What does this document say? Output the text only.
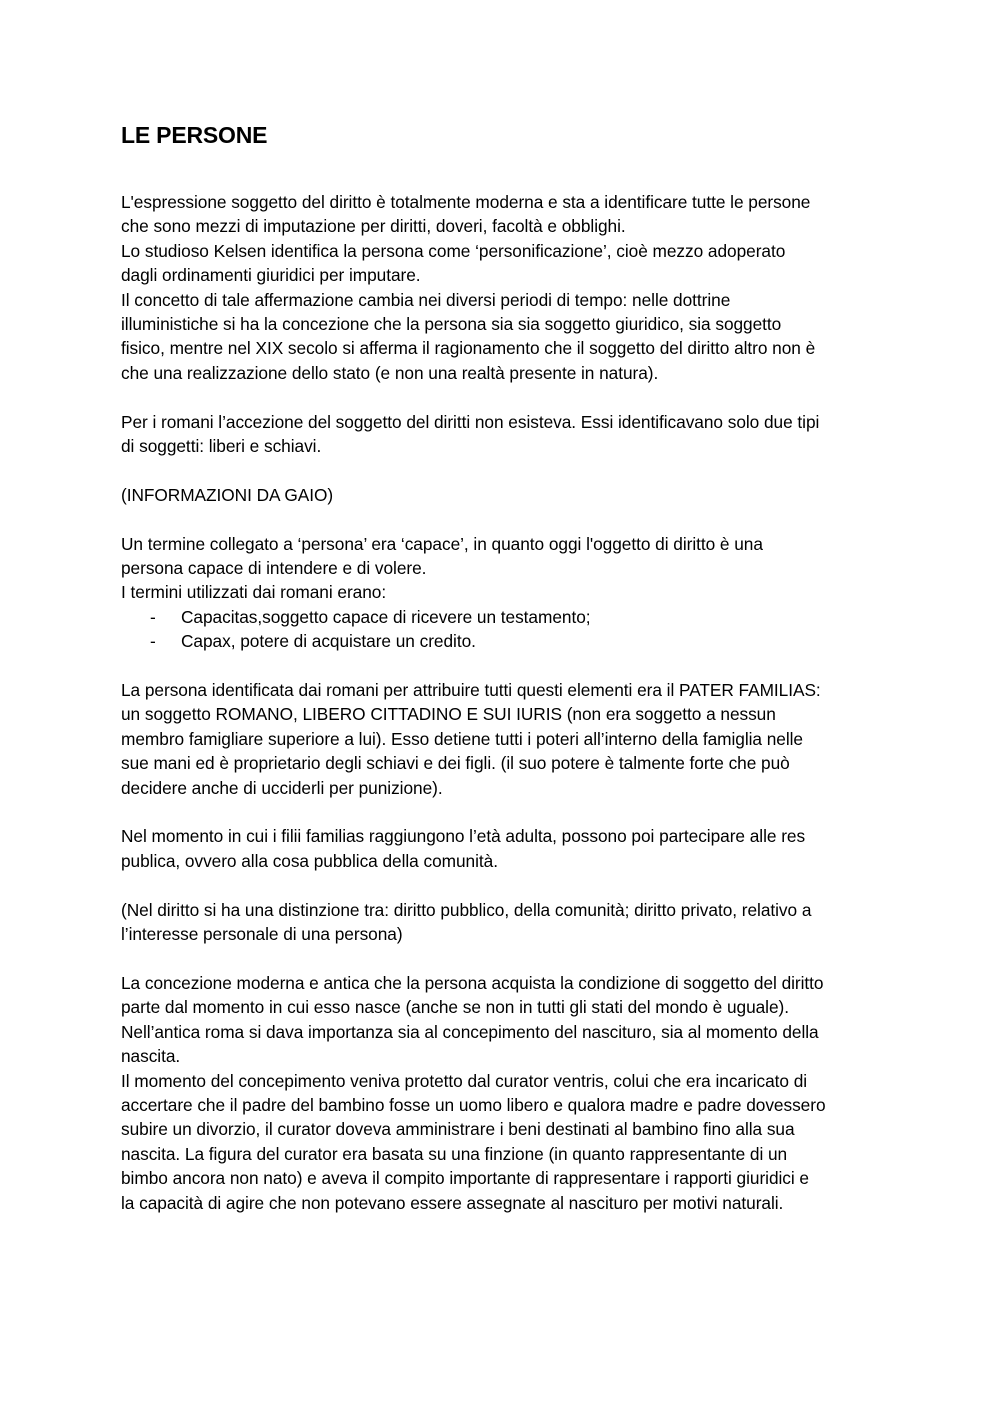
LE PERSONE
L'espressione soggetto del diritto è totalmente moderna e sta a identificare tutte le persone
che sono mezzi di imputazione per diritti, doveri, facoltà e obblighi.
Lo studioso Kelsen identifica la persona come ‘personificazione’, cioè mezzo adoperato
dagli ordinamenti giuridici per imputare.
Il concetto di tale affermazione cambia nei diversi periodi di tempo: nelle dottrine
illuministiche si ha la concezione che la persona sia sia soggetto giuridico, sia soggetto
fisico, mentre nel XIX secolo si afferma il ragionamento che il soggetto del diritto altro non è
che una realizzazione dello stato (e non una realtà presente in natura).
Per i romani l’accezione del soggetto del diritti non esisteva. Essi identificavano solo due tipi
di soggetti: liberi e schiavi.
(INFORMAZIONI DA GAIO)
Un termine collegato a ‘persona’ era ‘capace’, in quanto oggi l'oggetto di diritto è una
persona capace di intendere e di volere.
I termini utilizzati dai romani erano:
- Capacitas,soggetto capace di ricevere un testamento;
- Capax, potere di acquistare un credito.
La persona identificata dai romani per attribuire tutti questi elementi era il PATER FAMILIAS:
un soggetto ROMANO, LIBERO CITTADINO E SUI IURIS (non era soggetto a nessun
membro famigliare superiore a lui). Esso detiene tutti i poteri all’interno della famiglia nelle
sue mani ed è proprietario degli schiavi e dei figli. (il suo potere è talmente forte che può
decidere anche di ucciderli per punizione).
Nel momento in cui i filii familias raggiungono l’età adulta, possono poi partecipare alle res
publica, ovvero alla cosa pubblica della comunità.
(Nel diritto si ha una distinzione tra: diritto pubblico, della comunità; diritto privato, relativo a
l’interesse personale di una persona)
La concezione moderna e antica che la persona acquista la condizione di soggetto del diritto
parte dal momento in cui esso nasce (anche se non in tutti gli stati del mondo è uguale).
Nell’antica roma si dava importanza sia al concepimento del nascituro, sia al momento della
nascita.
Il momento del concepimento veniva protetto dal curator ventris, colui che era incaricato di
accertare che il padre del bambino fosse un uomo libero e qualora madre e padre dovessero
subire un divorzio, il curator doveva amministrare i beni destinati al bambino fino alla sua
nascita. La figura del curator era basata su una finzione (in quanto rappresentante di un
bimbo ancora non nato) e aveva il compito importante di rappresentare i rapporti giuridici e
la capacità di agire che non potevano essere assegnate al nascituro per motivi naturali.
